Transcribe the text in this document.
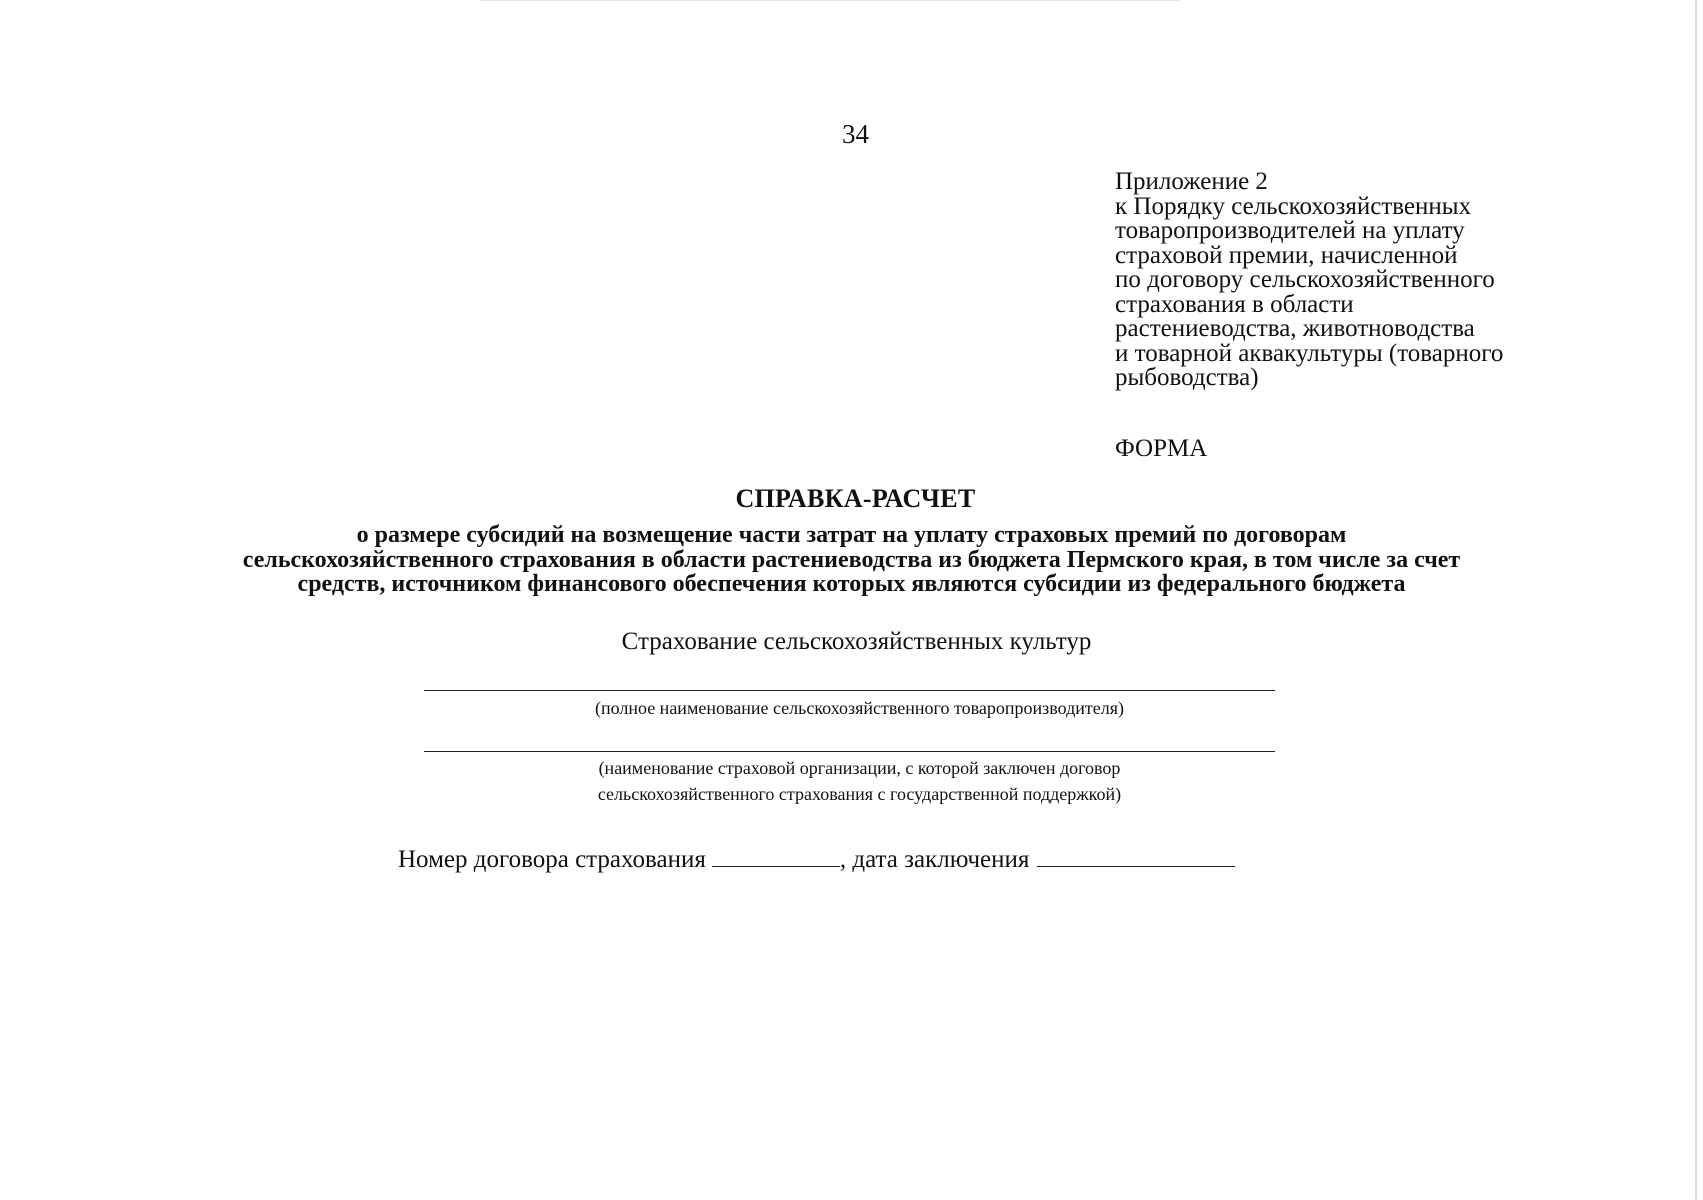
34
Приложение 2
к Порядку сельскохозяйственных
товаропроизводителей на уплату
страховой премии, начисленной
по договору сельскохозяйственного
страхования в области
растениеводства, животноводства
и товарной аквакультуры (товарного
рыбоводства)
ФОРМА
СПРАВКА-РАСЧЕТ
о размере субсидий на возмещение части затрат на уплату страховых премий по договорам
сельскохозяйственного страхования в области растениеводства из бюджета Пермского края, в том числе за счет
средств, источником финансового обеспечения которых являются субсидии из федерального бюджета
Страхование сельскохозяйственных культур
(полное наименование сельскохозяйственного товаропроизводителя)
(наименование страховой организации, с которой заключен договор
сельскохозяйственного страхования с государственной поддержкой)
Номер договора страхования	, дата заключения
